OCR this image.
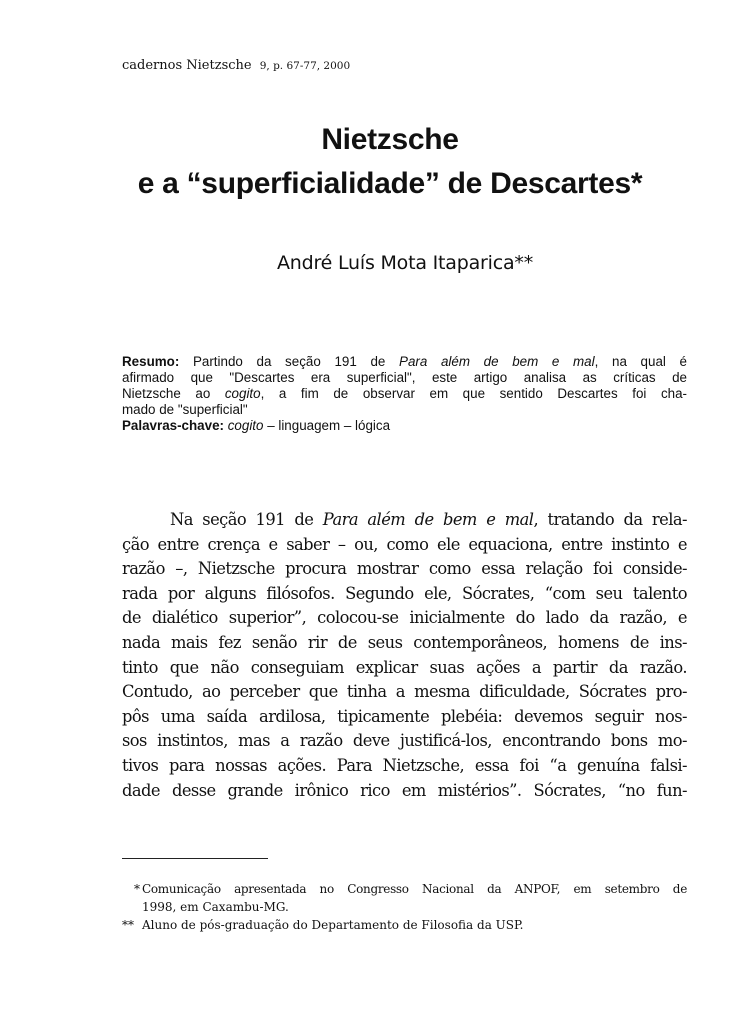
cadernos Nietzsche 9, p. 67-77, 2000
Nietzsche
e a “superficialidade” de Descartes*
André Luís Mota Itaparica**
Resumo: Partindo da seção 191 de Para além de bem e mal, na qual é
afirmado que "Descartes era superficial", este artigo analisa as críticas de
Nietzsche ao cogito, a fim de observar em que sentido Descartes foi cha-
mado de "superficial"
Palavras-chave: cogito – linguagem – lógica
Na seção 191 de Para além de bem e mal, tratando da rela-
ção entre crença e saber – ou, como ele equaciona, entre instinto e
razão –, Nietzsche procura mostrar como essa relação foi conside-
rada por alguns filósofos. Segundo ele, Sócrates, “com seu talento
de dialético superior”, colocou-se inicialmente do lado da razão, e
nada mais fez senão rir de seus contemporâneos, homens de ins-
tinto que não conseguiam explicar suas ações a partir da razão.
Contudo, ao perceber que tinha a mesma dificuldade, Sócrates pro-
pôs uma saída ardilosa, tipicamente plebéia: devemos seguir nos-
sos instintos, mas a razão deve justificá-los, encontrando bons mo-
tivos para nossas ações. Para Nietzsche, essa foi “a genuína falsi-
dade desse grande irônico rico em mistérios”. Sócrates, “no fun-
* Comunicação apresentada no Congresso Nacional da ANPOF, em setembro de
1998, em Caxambu-MG.
** Aluno de pós-graduação do Departamento de Filosofia da USP.
